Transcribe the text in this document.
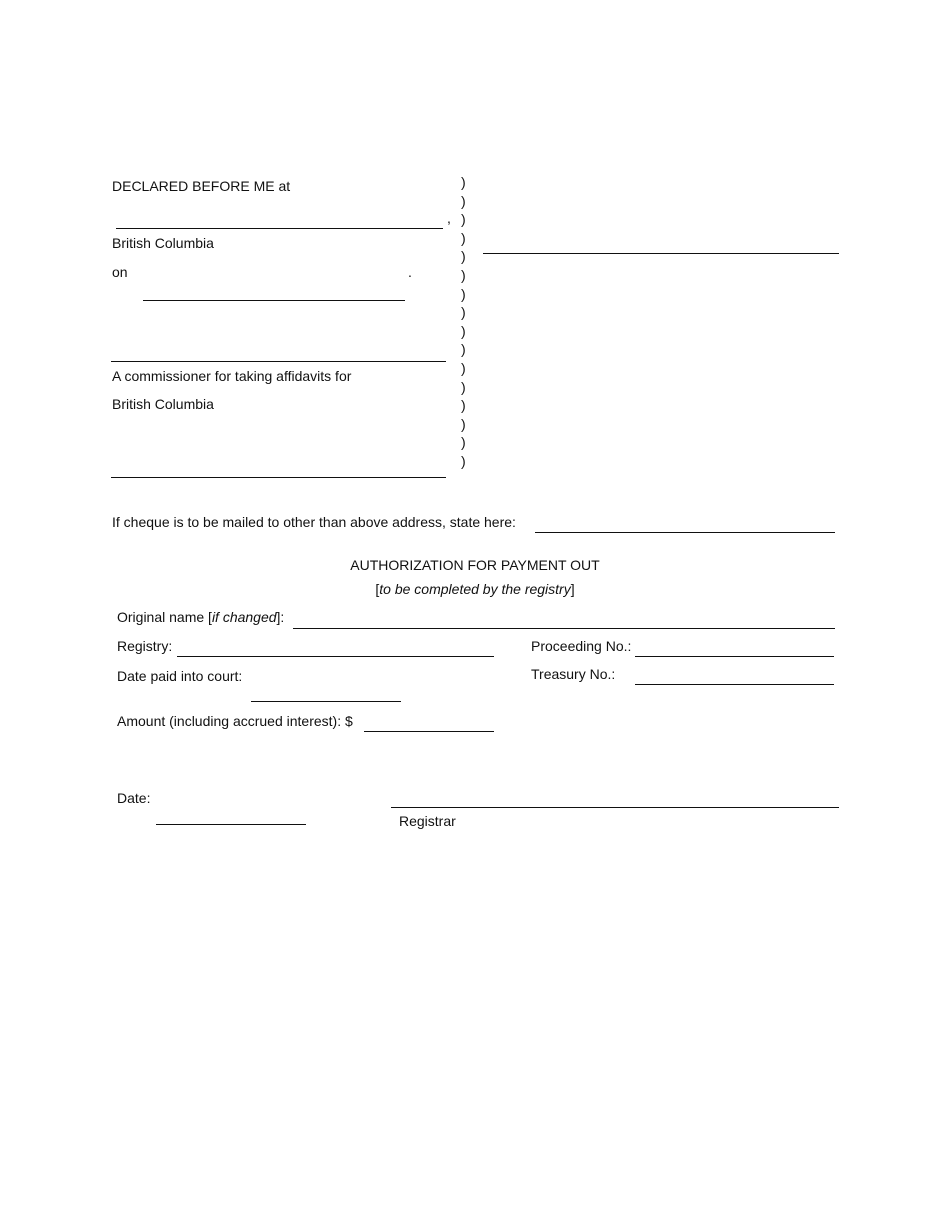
DECLARED BEFORE ME at
,
British Columbia
on	.
A commissioner for taking affidavits for
British Columbia
)
)
)
)
)
)
)
)
)
)
)
)
)
)
)
)
If cheque is to be mailed to other than above address, state here:
AUTHORIZATION FOR PAYMENT OUT
[to be completed by the registry]
Original name [if changed]:
Registry:	Proceeding No.:
Date paid into court:	Treasury No.:
Amount (including accrued interest): $
Date:
Registrar
